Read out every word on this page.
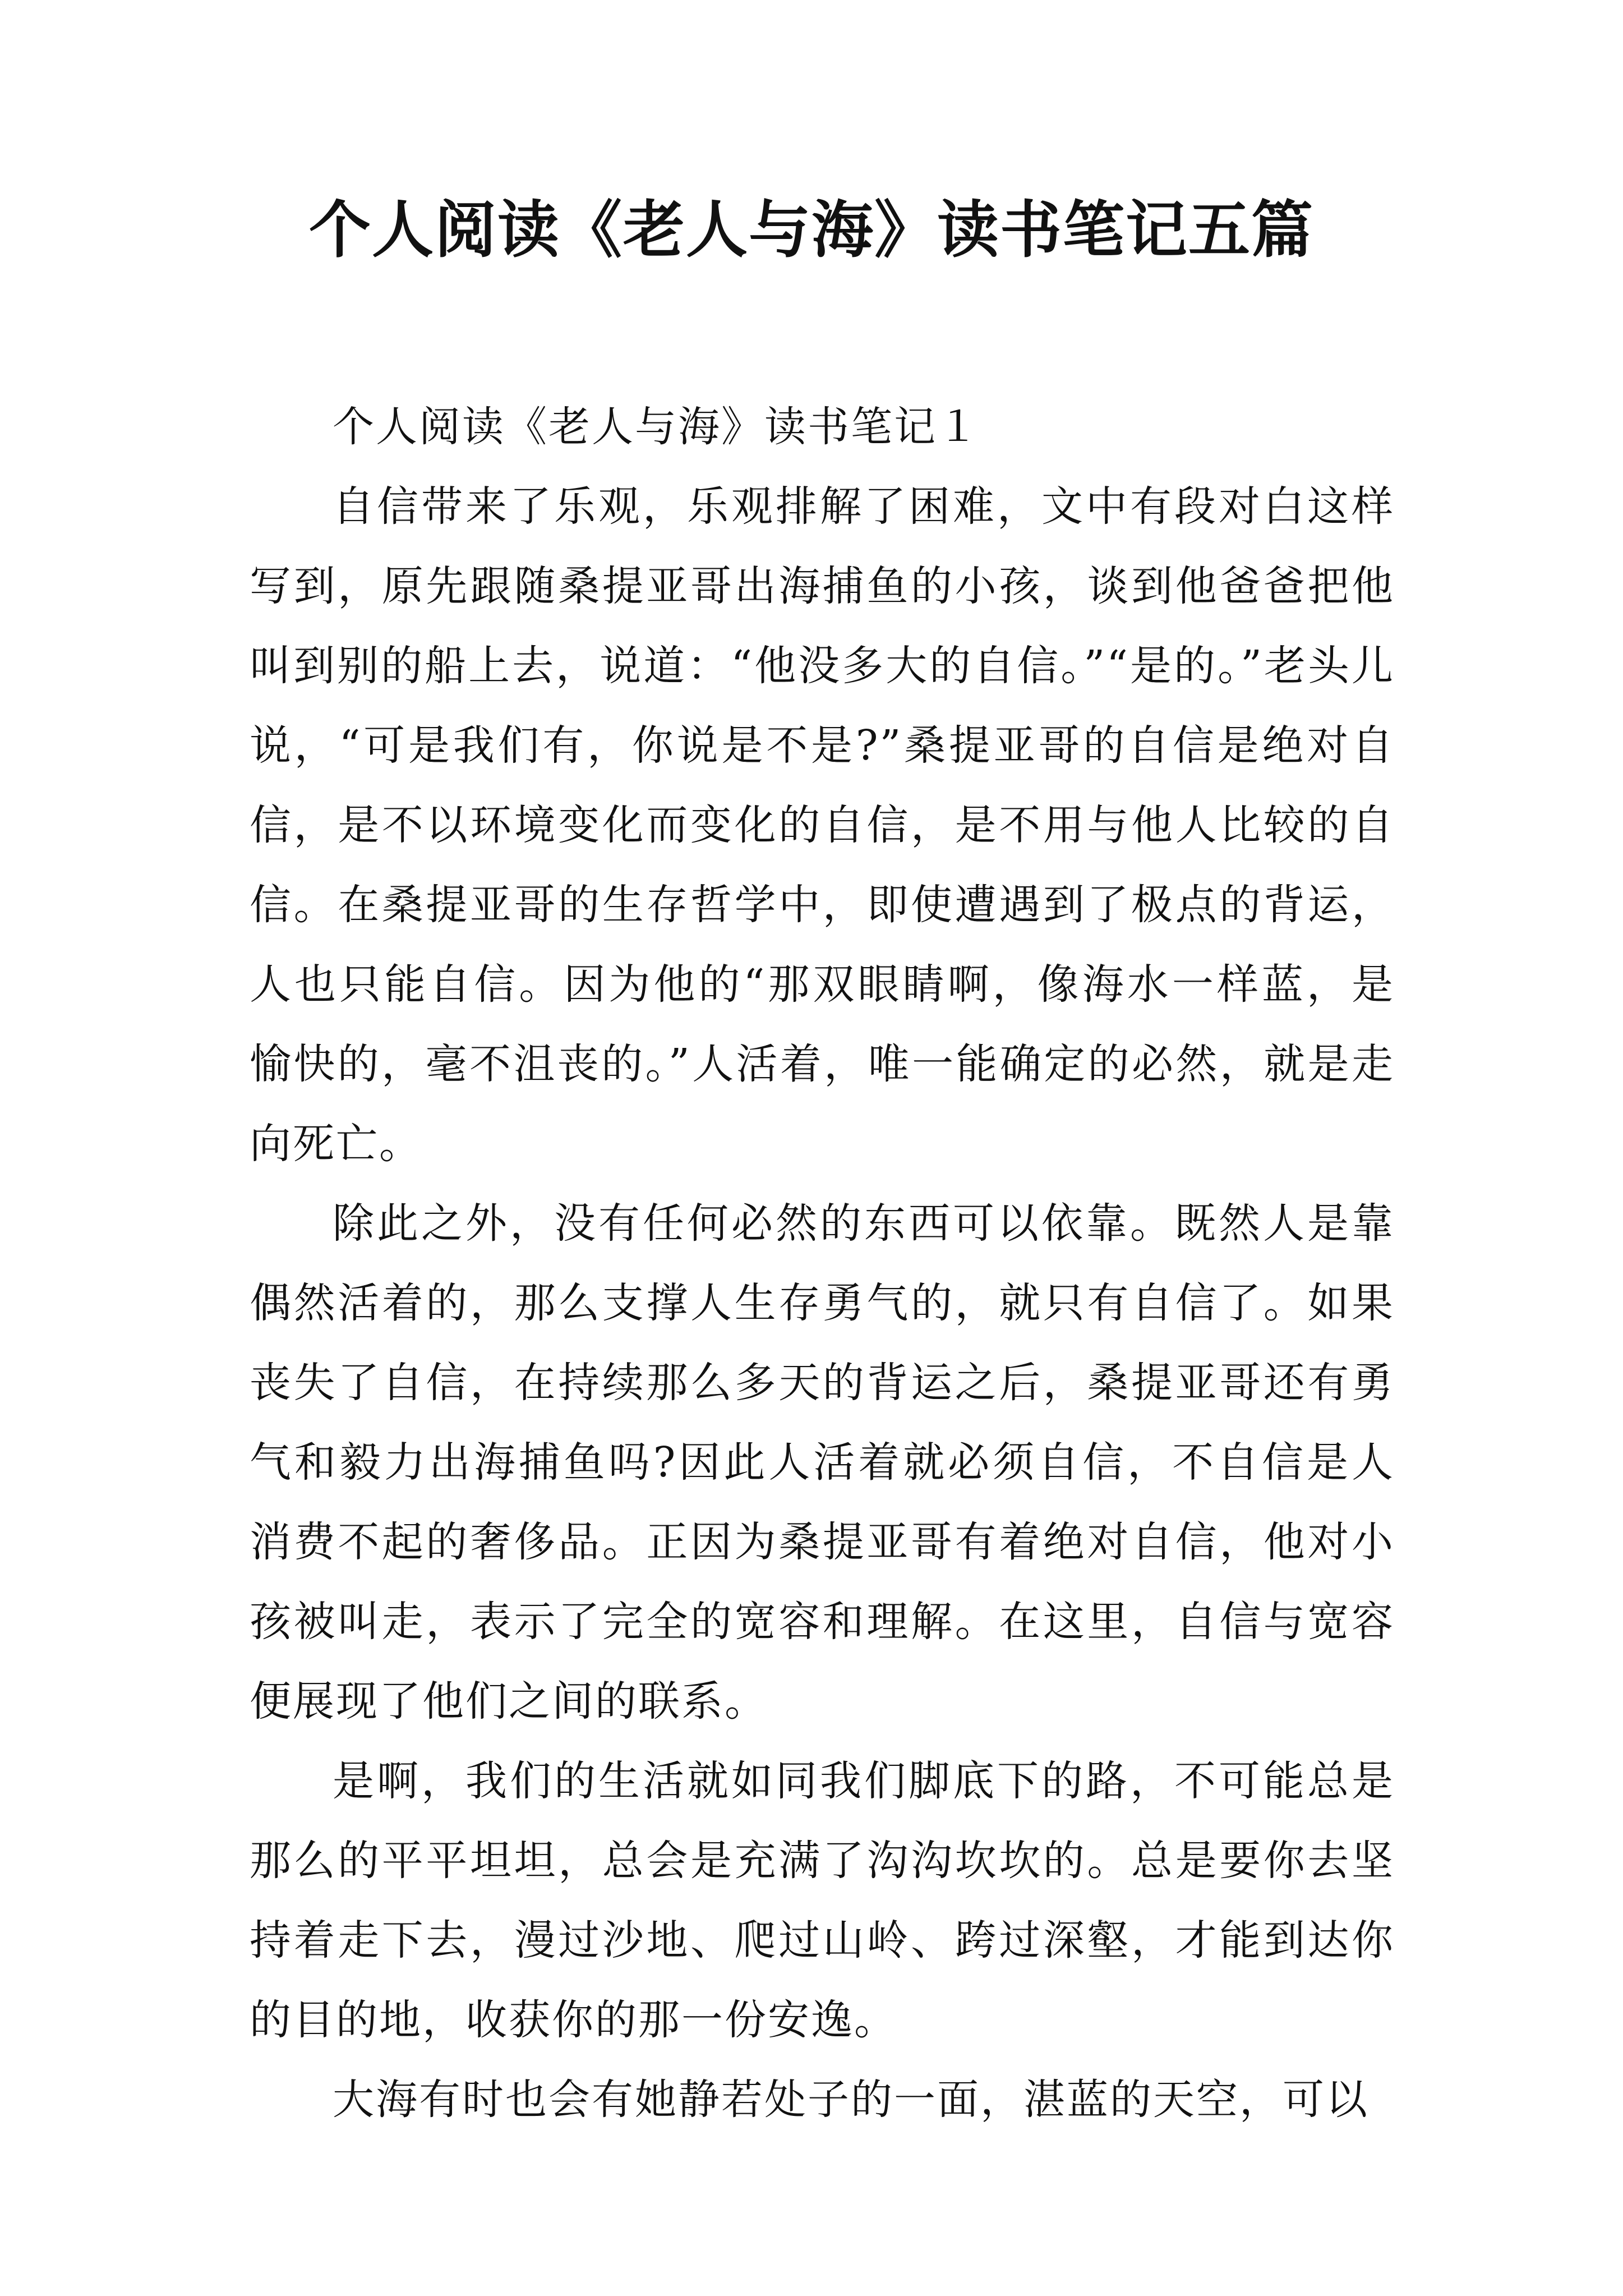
个人阅读《老人与海》读书笔记五篇

个人阅读《老人与海》读书笔记１

自信带来了乐观，乐观排解了困难，文中有段对白这样写到，原先跟随桑提亚哥出海捕鱼的小孩，谈到他爸爸把他叫到别的船上去，说道：“他没多大的自信。”“是的。”老头儿说，“可是我们有，你说是不是?”桑提亚哥的自信是绝对自信，是不以环境变化而变化的自信，是不用与他人比较的自信。在桑提亚哥的生存哲学中，即使遭遇到了极点的背运，人也只能自信。因为他的“那双眼睛啊，像海水一样蓝，是愉快的，毫不沮丧的。”人活着，唯一能确定的必然，就是走向死亡。

除此之外，没有任何必然的东西可以依靠。既然人是靠偶然活着的，那么支撑人生存勇气的，就只有自信了。如果丧失了自信，在持续那么多天的背运之后，桑提亚哥还有勇气和毅力出海捕鱼吗?因此人活着就必须自信，不自信是人消费不起的奢侈品。正因为桑提亚哥有着绝对自信，他对小孩被叫走，表示了完全的宽容和理解。在这里，自信与宽容便展现了他们之间的联系。

是啊，我们的生活就如同我们脚底下的路，不可能总是那么的平平坦坦，总会是充满了沟沟坎坎的。总是要你去坚持着走下去，漫过沙地、爬过山岭、跨过深壑，才能到达你的目的地，收获你的那一份安逸。

大海有时也会有她静若处子的一面，湛蓝的天空，可以
